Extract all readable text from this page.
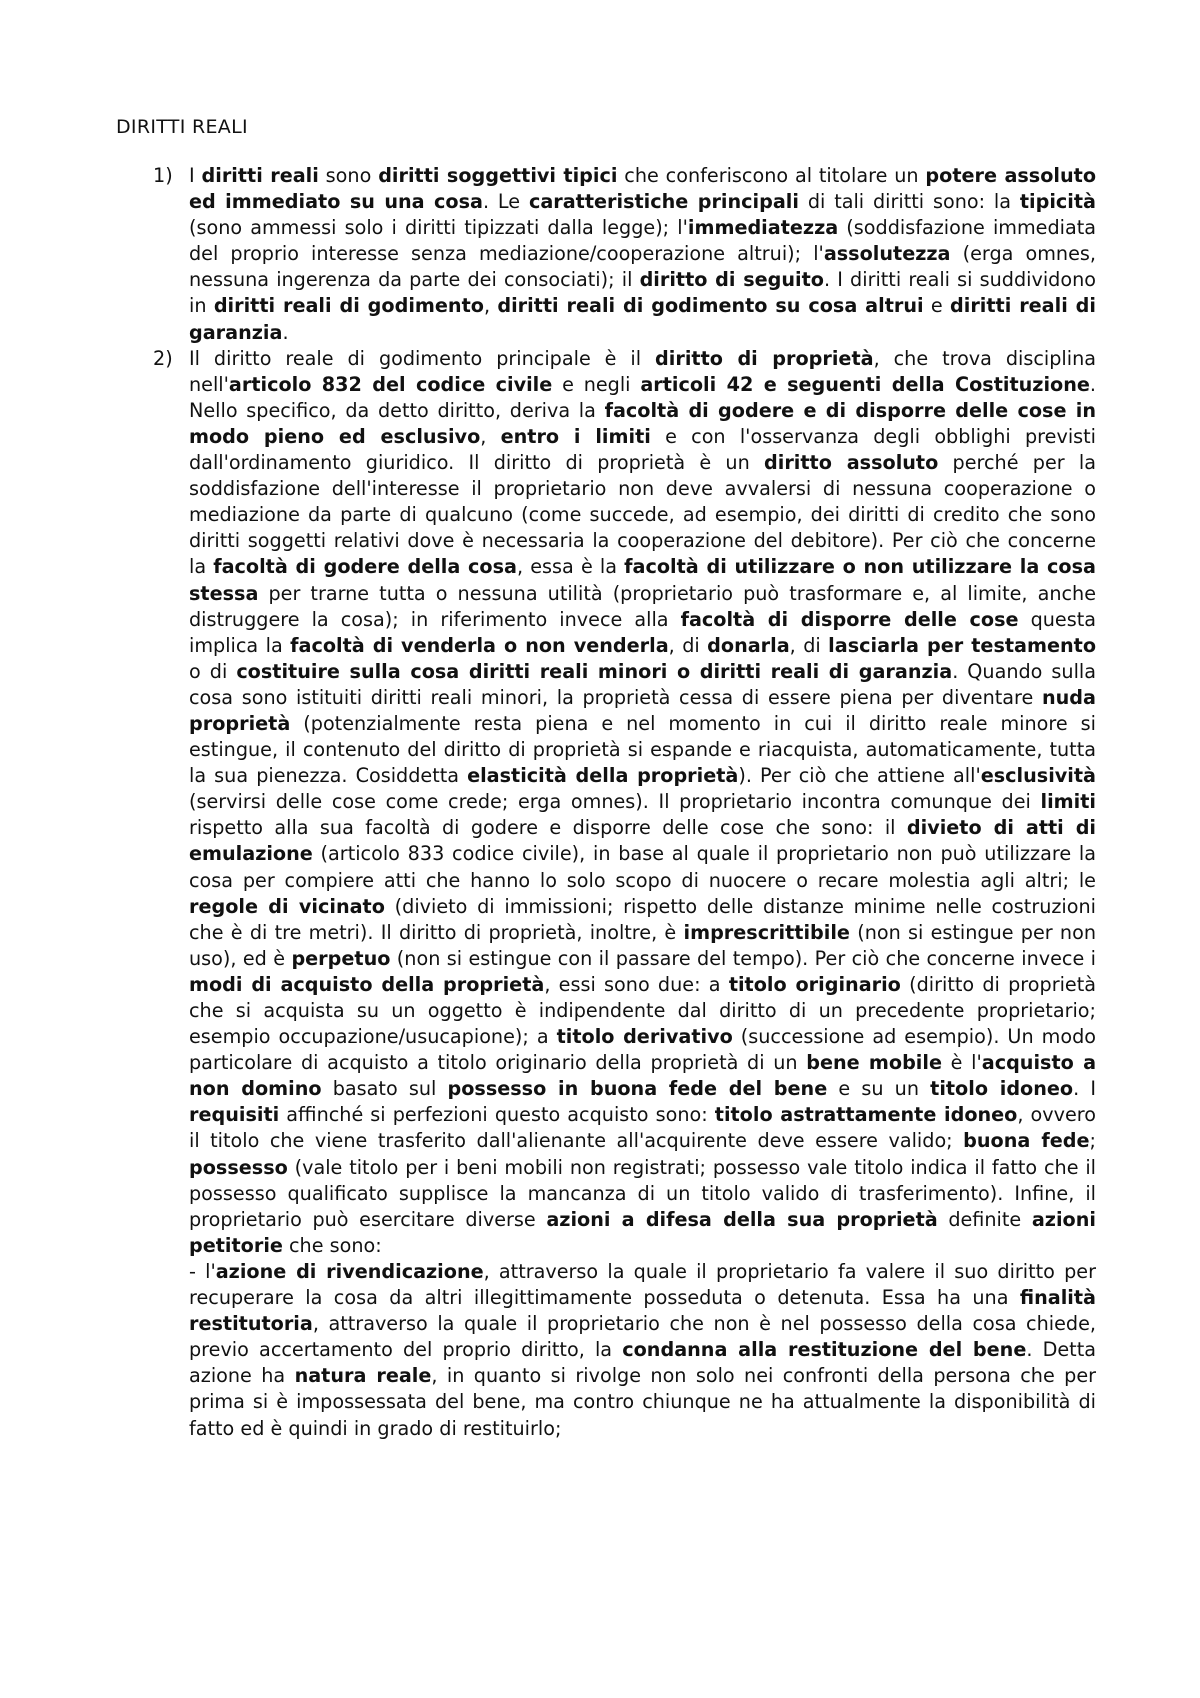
DIRITTI REALI
1) I diritti reali sono diritti soggettivi tipici che conferiscono al titolare un potere assoluto ed immediato su una cosa. Le caratteristiche principali di tali diritti sono: la tipicità (sono ammessi solo i diritti tipizzati dalla legge); l'immediatezza (soddisfazione immediata del proprio interesse senza mediazione/cooperazione altrui); l'assolutezza (erga omnes, nessuna ingerenza da parte dei consociati); il diritto di seguito. I diritti reali si suddividono in diritti reali di godimento, diritti reali di godimento su cosa altrui e diritti reali di garanzia.
2) Il diritto reale di godimento principale è il diritto di proprietà, che trova disciplina nell'articolo 832 del codice civile e negli articoli 42 e seguenti della Costituzione. Nello specifico, da detto diritto, deriva la facoltà di godere e di disporre delle cose in modo pieno ed esclusivo, entro i limiti e con l'osservanza degli obblighi previsti dall'ordinamento giuridico. Il diritto di proprietà è un diritto assoluto perché per la soddisfazione dell'interesse il proprietario non deve avvalersi di nessuna cooperazione o mediazione da parte di qualcuno (come succede, ad esempio, dei diritti di credito che sono diritti soggetti relativi dove è necessaria la cooperazione del debitore). Per ciò che concerne la facoltà di godere della cosa, essa è la facoltà di utilizzare o non utilizzare la cosa stessa per trarne tutta o nessuna utilità (proprietario può trasformare e, al limite, anche distruggere la cosa); in riferimento invece alla facoltà di disporre delle cose questa implica la facoltà di venderla o non venderla, di donarla, di lasciarla per testamento o di costituire sulla cosa diritti reali minori o diritti reali di garanzia. Quando sulla cosa sono istituiti diritti reali minori, la proprietà cessa di essere piena per diventare nuda proprietà (potenzialmente resta piena e nel momento in cui il diritto reale minore si estingue, il contenuto del diritto di proprietà si espande e riacquista, automaticamente, tutta la sua pienezza. Cosiddetta elasticità della proprietà). Per ciò che attiene all'esclusività (servirsi delle cose come crede; erga omnes). Il proprietario incontra comunque dei limiti rispetto alla sua facoltà di godere e disporre delle cose che sono: il divieto di atti di emulazione (articolo 833 codice civile), in base al quale il proprietario non può utilizzare la cosa per compiere atti che hanno lo solo scopo di nuocere o recare molestia agli altri; le regole di vicinato (divieto di immissioni; rispetto delle distanze minime nelle costruzioni che è di tre metri). Il diritto di proprietà, inoltre, è imprescrittibile (non si estingue per non uso), ed è perpetuo (non si estingue con il passare del tempo). Per ciò che concerne invece i modi di acquisto della proprietà, essi sono due: a titolo originario (diritto di proprietà che si acquista su un oggetto è indipendente dal diritto di un precedente proprietario; esempio occupazione/usucapione); a titolo derivativo (successione ad esempio). Un modo particolare di acquisto a titolo originario della proprietà di un bene mobile è l'acquisto a non domino basato sul possesso in buona fede del bene e su un titolo idoneo. I requisiti affinché si perfezioni questo acquisto sono: titolo astrattamente idoneo, ovvero il titolo che viene trasferito dall'alienante all'acquirente deve essere valido; buona fede; possesso (vale titolo per i beni mobili non registrati; possesso vale titolo indica il fatto che il possesso qualificato supplisce la mancanza di un titolo valido di trasferimento). Infine, il proprietario può esercitare diverse azioni a difesa della sua proprietà definite azioni petitorie che sono:
- l'azione di rivendicazione, attraverso la quale il proprietario fa valere il suo diritto per recuperare la cosa da altri illegittimamente posseduta o detenuta. Essa ha una finalità restitutoria, attraverso la quale il proprietario che non è nel possesso della cosa chiede, previo accertamento del proprio diritto, la condanna alla restituzione del bene. Detta azione ha natura reale, in quanto si rivolge non solo nei confronti della persona che per prima si è impossessata del bene, ma contro chiunque ne ha attualmente la disponibilità di fatto ed è quindi in grado di restituirlo;
